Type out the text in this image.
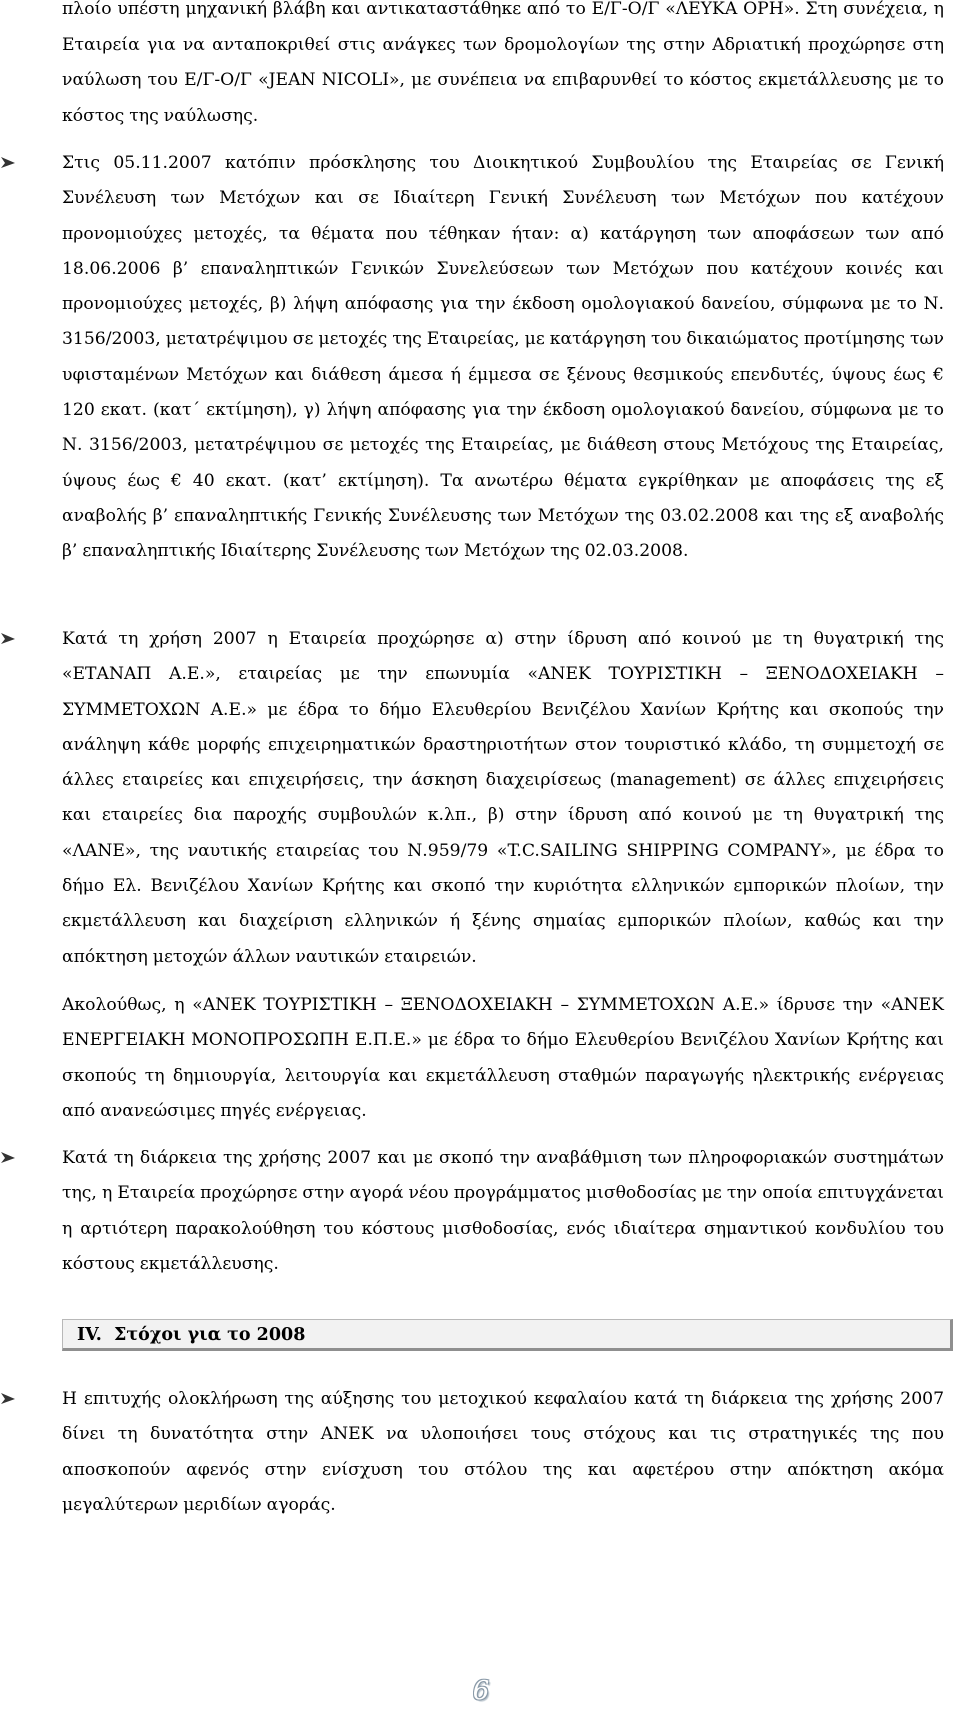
πλοίο υπέστη μηχανική βλάβη και αντικαταστάθηκε από το Ε/Γ-Ο/Γ «ΛΕΥΚΑ ΟΡΗ». Στη συνέχεια, η Εταιρεία για να ανταποκριθεί στις ανάγκες των δρομολογίων της στην Αδριατική προχώρησε στη ναύλωση του Ε/Γ-Ο/Γ «JEAN NICOLI», με συνέπεια να επιβαρυνθεί το κόστος εκμετάλλευσης με το κόστος της ναύλωσης.

Στις 05.11.2007 κατόπιν πρόσκλησης του Διοικητικού Συμβουλίου της Εταιρείας σε Γενική Συνέλευση των Μετόχων και σε Ιδιαίτερη Γενική Συνέλευση των Μετόχων που κατέχουν προνομιούχες μετοχές, τα θέματα που τέθηκαν ήταν: α) κατάργηση των αποφάσεων των από 18.06.2006 β’ επαναληπτικών Γενικών Συνελεύσεων των Μετόχων που κατέχουν κοινές και προνομιούχες μετοχές, β) λήψη απόφασης για την έκδοση ομολογιακού δανείου, σύμφωνα με το Ν. 3156/2003, μετατρέψιμου σε μετοχές της Εταιρείας, με κατάργηση του δικαιώματος προτίμησης των υφισταμένων Μετόχων και διάθεση άμεσα ή έμμεσα σε ξένους θεσμικούς επενδυτές, ύψους έως € 120 εκατ. (κατ΄ εκτίμηση), γ) λήψη απόφασης για την έκδοση ομολογιακού δανείου, σύμφωνα με το Ν. 3156/2003, μετατρέψιμου σε μετοχές της Εταιρείας, με διάθεση στους Μετόχους της Εταιρείας, ύψους έως € 40 εκατ. (κατ’ εκτίμηση). Τα ανωτέρω θέματα εγκρίθηκαν με αποφάσεις της εξ αναβολής β’ επαναληπτικής Γενικής Συνέλευσης των Μετόχων της 03.02.2008 και της εξ αναβολής β’ επαναληπτικής Ιδιαίτερης Συνέλευσης των Μετόχων της 02.03.2008.

Κατά τη χρήση 2007 η Εταιρεία προχώρησε α) στην ίδρυση από κοινού με τη θυγατρική της «ΕΤΑΝΑΠ Α.Ε.», εταιρείας με την επωνυμία «ΑΝΕΚ ΤΟΥΡΙΣΤΙΚΗ – ΞΕΝΟΔΟΧΕΙΑΚΗ – ΣΥΜΜΕΤΟΧΩΝ Α.Ε.» με έδρα το δήμο Ελευθερίου Βενιζέλου Χανίων Κρήτης και σκοπούς την ανάληψη κάθε μορφής επιχειρηματικών δραστηριοτήτων στον τουριστικό κλάδο, τη συμμετοχή σε άλλες εταιρείες και επιχειρήσεις, την άσκηση διαχειρίσεως (management) σε άλλες επιχειρήσεις και εταιρείες δια παροχής συμβουλών κ.λπ., β) στην ίδρυση από κοινού με τη θυγατρική της «ΛΑΝΕ», της ναυτικής εταιρείας του Ν.959/79 «T.C.SAILING SHIPPING COMPANY», με έδρα το δήμο Ελ. Βενιζέλου Χανίων Κρήτης και σκοπό την κυριότητα ελληνικών εμπορικών πλοίων, την εκμετάλλευση και διαχείριση ελληνικών ή ξένης σημαίας εμπορικών πλοίων, καθώς και την απόκτηση μετοχών άλλων ναυτικών εταιρειών.

Ακολούθως, η «ΑΝΕΚ ΤΟΥΡΙΣΤΙΚΗ – ΞΕΝΟΔΟΧΕΙΑΚΗ – ΣΥΜΜΕΤΟΧΩΝ Α.Ε.» ίδρυσε την «ΑΝΕΚ ΕΝΕΡΓΕΙΑΚΗ ΜΟΝΟΠΡΟΣΩΠΗ Ε.Π.Ε.» με έδρα το δήμο Ελευθερίου Βενιζέλου Χανίων Κρήτης και σκοπούς τη δημιουργία, λειτουργία και εκμετάλλευση σταθμών παραγωγής ηλεκτρικής ενέργειας από ανανεώσιμες πηγές ενέργειας.

Κατά τη διάρκεια της χρήσης 2007 και με σκοπό την αναβάθμιση των πληροφοριακών συστημάτων της, η Εταιρεία προχώρησε στην αγορά νέου προγράμματος μισθοδοσίας με την οποία επιτυγχάνεται η αρτιότερη παρακολούθηση του κόστους μισθοδοσίας, ενός ιδιαίτερα σημαντικού κονδυλίου του κόστους εκμετάλλευσης.

IV. Στόχοι για το 2008

Η επιτυχής ολοκλήρωση της αύξησης του μετοχικού κεφαλαίου κατά τη διάρκεια της χρήσης 2007 δίνει τη δυνατότητα στην ΑΝΕΚ να υλοποιήσει τους στόχους και τις στρατηγικές της που αποσκοπούν αφενός στην ενίσχυση του στόλου της και αφετέρου στην απόκτηση ακόμα μεγαλύτερων μεριδίων αγοράς.

6
